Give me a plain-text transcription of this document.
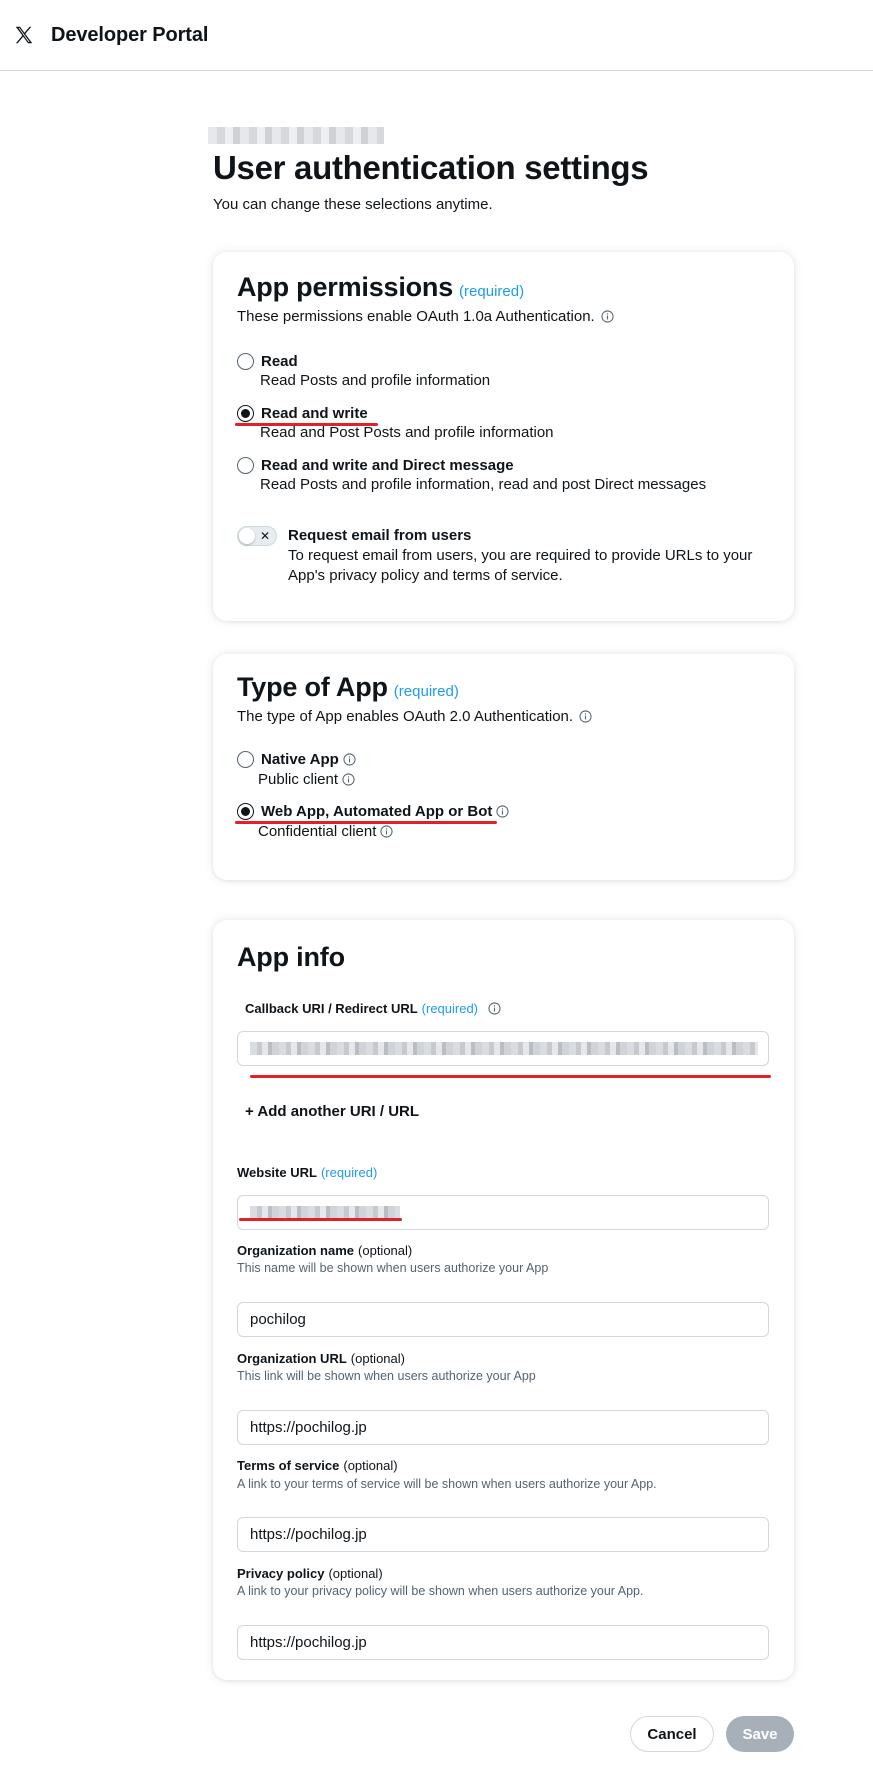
Developer Portal
User authentication settings
You can change these selections anytime.
App permissions (required)
These permissions enable OAuth 1.0a Authentication.
Read
Read Posts and profile information
Read and write
Read and Post Posts and profile information
Read and write and Direct message
Read Posts and profile information, read and post Direct messages
✕ Request email from users
To request email from users, you are required to provide URLs to your App's privacy policy and terms of service.
Type of App (required)
The type of App enables OAuth 2.0 Authentication.
Native App
Public client
Web App, Automated App or Bot
Confidential client
App info
Callback URI / Redirect URL (required)
+ Add another URI / URL
Website URL (required)
Organization name (optional)
This name will be shown when users authorize your App
pochilog
Organization URL (optional)
This link will be shown when users authorize your App
https://pochilog.jp
Terms of service (optional)
A link to your terms of service will be shown when users authorize your App.
https://pochilog.jp
Privacy policy (optional)
A link to your privacy policy will be shown when users authorize your App.
https://pochilog.jp
Cancel	Save
